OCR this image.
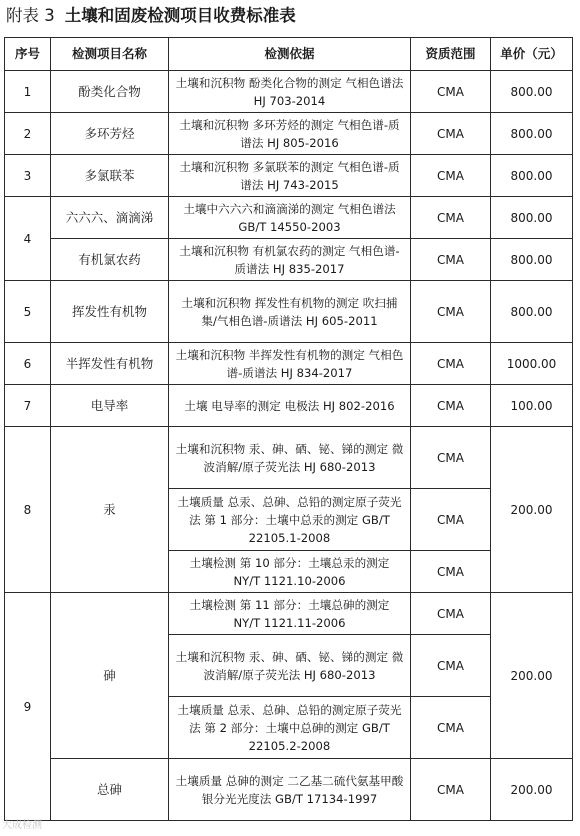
附表 3 土壤和固废检测项目收费标准表
序号	检测项目名称	检测依据	资质范围	单价（元）
1	酚类化合物	土壤和沉积物 酚类化合物的测定 气相色谱法 HJ 703-2014	CMA	800.00
2	多环芳烃	土壤和沉积物 多环芳烃的测定 气相色谱-质谱法 HJ 805-2016	CMA	800.00
3	多氯联苯	土壤和沉积物 多氯联苯的测定 气相色谱-质谱法 HJ 743-2015	CMA	800.00
4	六六六、滴滴涕	土壤中六六六和滴滴涕的测定 气相色谱法 GB/T 14550-2003	CMA	800.00
	有机氯农药	土壤和沉积物 有机氯农药的测定 气相色谱-质谱法 HJ 835-2017	CMA	800.00
5	挥发性有机物	土壤和沉积物 挥发性有机物的测定 吹扫捕集/气相色谱-质谱法 HJ 605-2011	CMA	800.00
6	半挥发性有机物	土壤和沉积物 半挥发性有机物的测定 气相色谱-质谱法 HJ 834-2017	CMA	1000.00
7	电导率	土壤 电导率的测定 电极法 HJ 802-2016	CMA	100.00
8	汞	土壤和沉积物 汞、砷、硒、铋、锑的测定 微波消解/原子荧光法 HJ 680-2013	CMA	200.00
		土壤质量 总汞、总砷、总铅的测定原子荧光法 第 1 部分：土壤中总汞的测定 GB/T 22105.1-2008	CMA	
		土壤检测 第 10 部分：土壤总汞的测定 NY/T 1121.10-2006	CMA	
9	砷	土壤检测 第 11 部分：土壤总砷的测定 NY/T 1121.11-2006	CMA	200.00
		土壤和沉积物 汞、砷、硒、铋、锑的测定 微波消解/原子荧光法 HJ 680-2013	CMA	
		土壤质量 总汞、总砷、总铅的测定原子荧光法 第 2 部分：土壤中总砷的测定 GB/T 22105.2-2008	CMA	
	总砷	土壤质量 总砷的测定 二乙基二硫代氨基甲酸银分光光度法 GB/T 17134-1997	CMA	200.00
大成检测
